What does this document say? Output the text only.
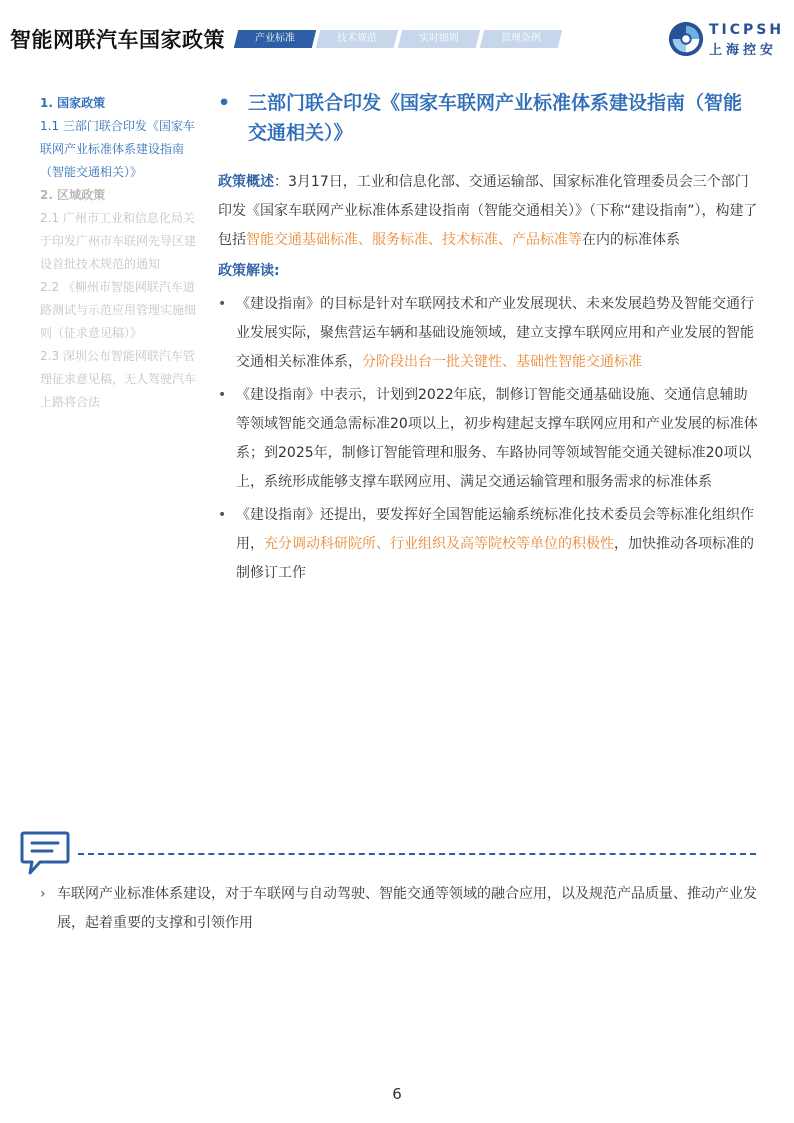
智能网联汽车国家政策	产业标准	技术规范	实时细则	管理条例
TICPSH
上海控安
1. 国家政策
1.1 三部门联合印发《国家车联网产业标准体系建设指南（智能交通相关）》
2. 区域政策
2.1 广州市工业和信息化局关于印发广州市车联网先导区建设首批技术规范的通知
2.2 《柳州市智能网联汽车道路测试与示范应用管理实施细则（征求意见稿）》
2.3 深圳公布智能网联汽车管理征求意见稿，无人驾驶汽车上路将合法
• 三部门联合印发《国家车联网产业标准体系建设指南（智能交通相关）》
政策概述：3月17日，工业和信息化部、交通运输部、国家标准化管理委员会三个部门印发《国家车联网产业标准体系建设指南（智能交通相关）》（下称“建设指南”），构建了包括智能交通基础标准、服务标准、技术标准、产品标准等在内的标准体系
政策解读:
• 《建设指南》的目标是针对车联网技术和产业发展现状、未来发展趋势及智能交通行业发展实际，聚焦营运车辆和基础设施领域，建立支撑车联网应用和产业发展的智能交通相关标准体系，分阶段出台一批关键性、基础性智能交通标准
• 《建设指南》中表示，计划到2022年底，制修订智能交通基础设施、交通信息辅助等领域智能交通急需标准20项以上，初步构建起支撑车联网应用和产业发展的标准体系；到2025年，制修订智能管理和服务、车路协同等领域智能交通关键标准20项以上，系统形成能够支撑车联网应用、满足交通运输管理和服务需求的标准体系
• 《建设指南》还提出，要发挥好全国智能运输系统标准化技术委员会等标准化组织作用，充分调动科研院所、行业组织及高等院校等单位的积极性，加快推动各项标准的制修订工作
› 车联网产业标准体系建设，对于车联网与自动驾驶、智能交通等领域的融合应用，以及规范产品质量、推动产业发展，起着重要的支撑和引领作用
6
